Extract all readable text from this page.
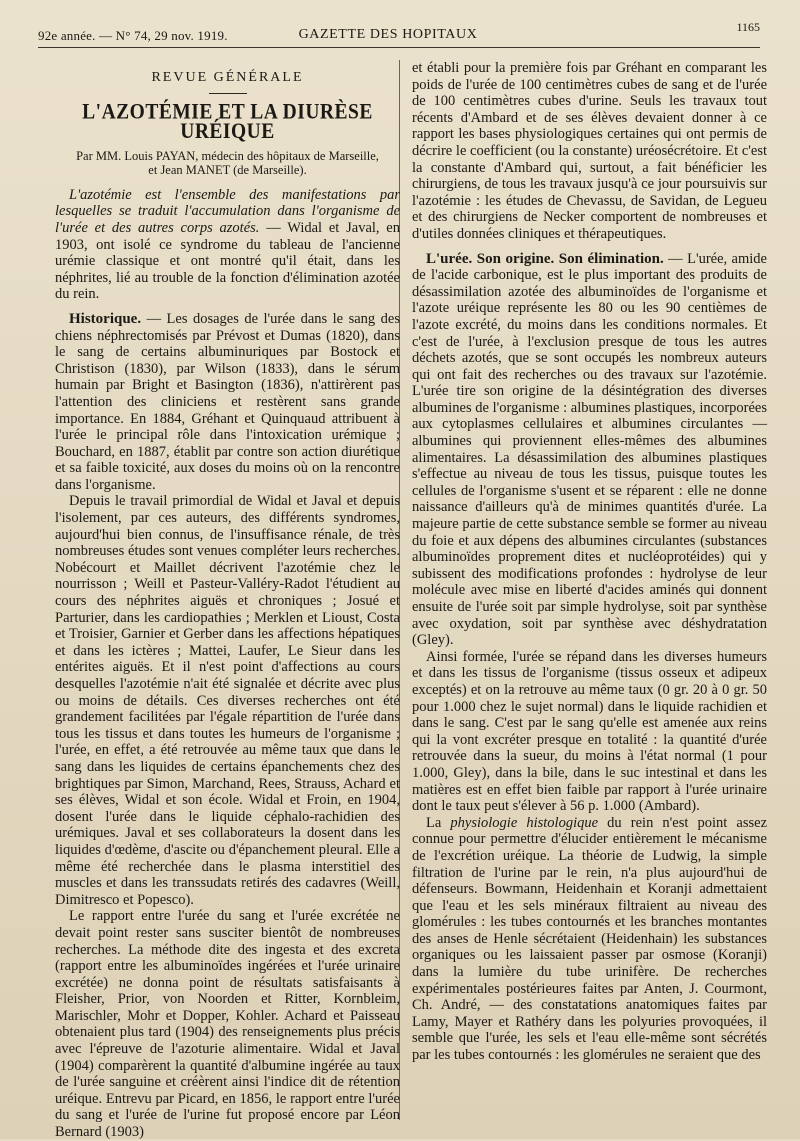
92e année. — N° 74, 29 nov. 1919.	GAZETTE DES HOPITAUX	1165
REVUE GÉNÉRALE
L'AZOTÉMIE ET LA DIURÈSE URÉIQUE
Par MM. Louis PAYAN, médecin des hôpitaux de Marseille,
et Jean MANET (de Marseille).

L'azotémie est l'ensemble des manifestations par lesquelles se traduit l'accumulation dans l'organisme de l'urée et des autres corps azotés. — Widal et Javal, en 1903, ont isolé ce syndrome du tableau de l'ancienne urémie classique et ont montré qu'il était, dans les néphrites, lié au trouble de la fonction d'élimination azotée du rein.

Historique. — Les dosages de l'urée dans le sang des chiens néphrectomisés par Prévost et Dumas (1820), dans le sang de certains albuminuriques par Bostock et Christison (1830), par Wilson (1833), dans le sérum humain par Bright et Basington (1836), n'attirèrent pas l'attention des cliniciens et restèrent sans grande importance. En 1884, Gréhant et Quinquaud attribuent à l'urée le principal rôle dans l'intoxication urémique ; Bouchard, en 1887, établit par contre son action diurétique et sa faible toxicité, aux doses du moins où on la rencontre dans l'organisme.

Depuis le travail primordial de Widal et Javal et depuis l'isolement, par ces auteurs, des différents syndromes, aujourd'hui bien connus, de l'insuffisance rénale, de très nombreuses études sont venues compléter leurs recherches. Nobécourt et Maillet décrivent l'azotémie chez le nourrisson ; Weill et Pasteur-Valléry-Radot l'étudient au cours des néphrites aiguës et chroniques ; Josué et Parturier, dans les cardiopathies ; Merklen et Lioust, Costa et Troisier, Garnier et Gerber dans les affections hépatiques et dans les ictères ; Mattei, Laufer, Le Sieur dans les entérites aiguës. Et il n'est point d'affections au cours desquelles l'azotémie n'ait été signalée et décrite avec plus ou moins de détails. Ces diverses recherches ont été grandement facilitées par l'égale répartition de l'urée dans tous les tissus et dans toutes les humeurs de l'organisme ; l'urée, en effet, a été retrouvée au même taux que dans le sang dans les liquides de certains épanchements chez des brightiques par Simon, Marchand, Rees, Strauss, Achard et ses élèves, Widal et son école. Widal et Froin, en 1904, dosent l'urée dans le liquide céphalo-rachidien des urémiques. Javal et ses collaborateurs la dosent dans les liquides d'œdème, d'ascite ou d'épanchement pleural. Elle a même été recherchée dans le plasma interstitiel des muscles et dans les transsudats retirés des cadavres (Weill, Dimitresco et Popesco).

Le rapport entre l'urée du sang et l'urée excrétée ne devait point rester sans susciter bientôt de nombreuses recherches. La méthode dite des ingesta et des excreta (rapport entre les albuminoïdes ingérées et l'urée urinaire excrétée) ne donna point de résultats satisfaisants à Fleisher, Prior, von Noorden et Ritter, Kornbleim, Marischler, Mohr et Dopper, Kohler. Achard et Paisseau obtenaient plus tard (1904) des renseignements plus précis avec l'épreuve de l'azoturie alimentaire. Widal et Javal (1904) comparèrent la quantité d'albumine ingérée au taux de l'urée sanguine et créèrent ainsi l'indice dit de rétention uréique. Entrevu par Picard, en 1856, le rapport entre l'urée du sang et l'urée de l'urine fut proposé encore par Léon Bernard (1903)

et établi pour la première fois par Gréhant en comparant les poids de l'urée de 100 centimètres cubes de sang et de l'urée de 100 centimètres cubes d'urine. Seuls les travaux tout récents d'Ambard et de ses élèves devaient donner à ce rapport les bases physiologiques certaines qui ont permis de décrire le coefficient (ou la constante) uréosécrétoire. Et c'est la constante d'Ambard qui, surtout, a fait bénéficier les chirurgiens, de tous les travaux jusqu'à ce jour poursuivis sur l'azotémie : les études de Chevassu, de Savidan, de Legueu et des chirurgiens de Necker comportent de nombreuses et d'utiles données cliniques et thérapeutiques.

L'urée. Son origine. Son élimination. — L'urée, amide de l'acide carbonique, est le plus important des produits de désassimilation azotée des albuminoïdes de l'organisme et l'azote uréique représente les 80 ou les 90 centièmes de l'azote excrété, du moins dans les conditions normales. Et c'est de l'urée, à l'exclusion presque de tous les autres déchets azotés, que se sont occupés les nombreux auteurs qui ont fait des recherches ou des travaux sur l'azotémie. L'urée tire son origine de la désintégration des diverses albumines de l'organisme : albumines plastiques, incorporées aux cytoplasmes cellulaires et albumines circulantes — albumines qui proviennent elles-mêmes des albumines alimentaires. La désassimilation des albumines plastiques s'effectue au niveau de tous les tissus, puisque toutes les cellules de l'organisme s'usent et se réparent : elle ne donne naissance d'ailleurs qu'à de minimes quantités d'urée. La majeure partie de cette substance semble se former au niveau du foie et aux dépens des albumines circulantes (substances albuminoïdes proprement dites et nucléoprotéides) qui y subissent des modifications profondes : hydrolyse de leur molécule avec mise en liberté d'acides aminés qui donnent ensuite de l'urée soit par simple hydrolyse, soit par synthèse avec oxydation, soit par synthèse avec déshydratation (Gley).

Ainsi formée, l'urée se répand dans les diverses humeurs et dans les tissus de l'organisme (tissus osseux et adipeux exceptés) et on la retrouve au même taux (0 gr. 20 à 0 gr. 50 pour 1.000 chez le sujet normal) dans le liquide rachidien et dans le sang. C'est par le sang qu'elle est amenée aux reins qui la vont excréter presque en totalité : la quantité d'urée retrouvée dans la sueur, du moins à l'état normal (1 pour 1.000, Gley), dans la bile, dans le suc intestinal et dans les matières est en effet bien faible par rapport à l'urée urinaire dont le taux peut s'élever à 56 p. 1.000 (Ambard).

La physiologie histologique du rein n'est point assez connue pour permettre d'élucider entièrement le mécanisme de l'excrétion uréique. La théorie de Ludwig, la simple filtration de l'urine par le rein, n'a plus aujourd'hui de défenseurs. Bowmann, Heidenhain et Koranji admettaient que l'eau et les sels minéraux filtraient au niveau des glomérules : les tubes contournés et les branches montantes des anses de Henle sécrétaient (Heidenhain) les substances organiques ou les laissaient passer par osmose (Koranji) dans la lumière du tube urinifère. De recherches expérimentales postérieures faites par Anten, J. Courmont, Ch. André, — des constatations anatomiques faites par Lamy, Mayer et Rathéry dans les polyuries provoquées, il semble que l'urée, les sels et l'eau elle-même sont sécrétés par les tubes contournés : les glomérules ne seraient que des
